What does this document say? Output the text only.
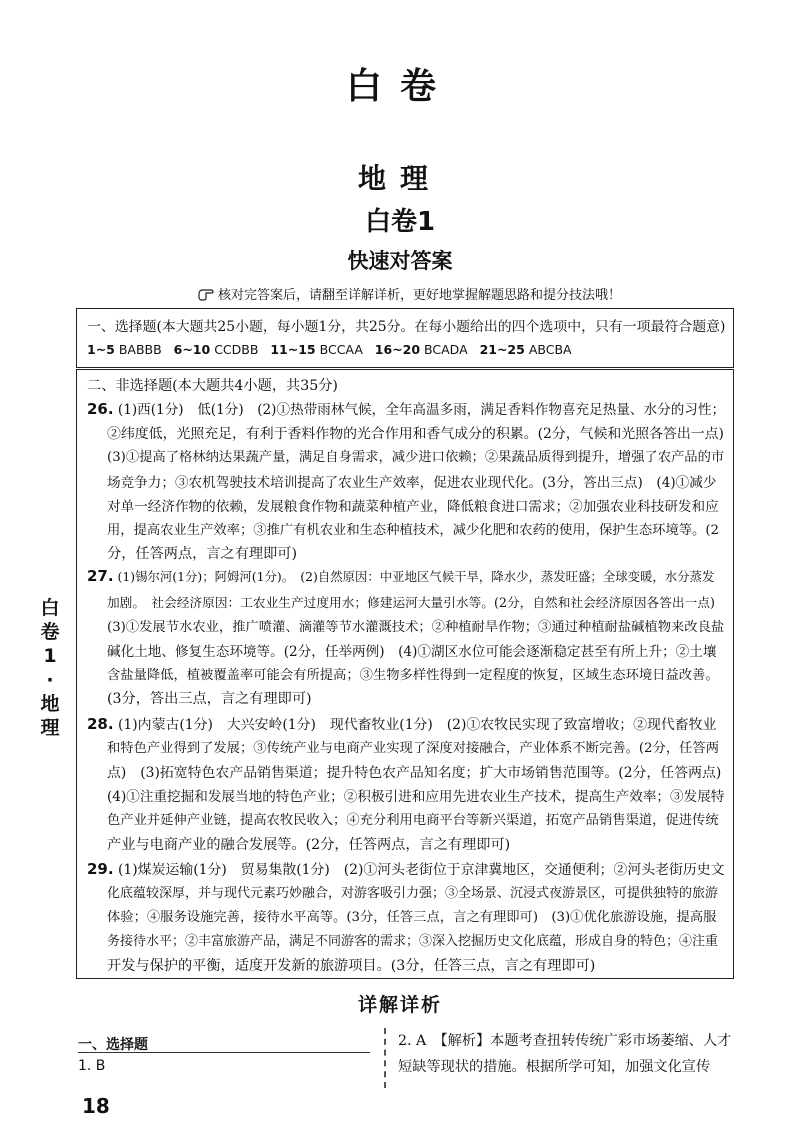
白卷
地理
白卷1
快速对答案
核对完答案后，请翻至详解详析，更好地掌握解题思路和提分技法哦！
一、选择题(本大题共25小题，每小题1分，共25分。在每小题给出的四个选项中，只有一项最符合题意)
1~5 BABBB 6~10 CCDBB 11~15 BCCAA 16~20 BCADA 21~25 ABCBA
二、非选择题(本大题共4小题，共35分)
26. (1)西(1分)　低(1分)　(2)①热带雨林气候，全年高温多雨，满足香料作物喜充足热量、水分的习性；
②纬度低，光照充足，有利于香料作物的光合作用和香气成分的积累。(2分，气候和光照各答出一点)
(3)①提高了格林纳达果蔬产量，满足自身需求，减少进口依赖；②果蔬品质得到提升，增强了农产品的市
场竞争力；③农机驾驶技术培训提高了农业生产效率，促进农业现代化。(3分，答出三点)　(4)①减少
对单一经济作物的依赖，发展粮食作物和蔬菜种植产业，降低粮食进口需求；②加强农业科技研发和应
用，提高农业生产效率；③推广有机农业和生态种植技术，减少化肥和农药的使用，保护生态环境等。(2
分，任答两点，言之有理即可)
27. (1)锡尔河(1分)；阿姆河(1分)。　(2)自然原因：中亚地区气候干旱，降水少，蒸发旺盛；全球变暖，水分蒸发
加剧。　社会经济原因：工农业生产过度用水；修建运河大量引水等。(2分，自然和社会经济原因各答出一点)
(3)①发展节水农业，推广喷灌、滴灌等节水灌溉技术；②种植耐旱作物；③通过种植耐盐碱植物来改良盐
碱化土地、修复生态环境等。(2分，任举两例)　(4)①湖区水位可能会逐渐稳定甚至有所上升；②土壤
含盐量降低，植被覆盖率可能会有所提高；③生物多样性得到一定程度的恢复，区域生态环境日益改善。
(3分，答出三点，言之有理即可)
28. (1)内蒙古(1分)　大兴安岭(1分)　现代畜牧业(1分)　(2)①农牧民实现了致富增收；②现代畜牧业
和特色产业得到了发展；③传统产业与电商产业实现了深度对接融合，产业体系不断完善。(2分，任答两
点)　(3)拓宽特色农产品销售渠道；提升特色农产品知名度；扩大市场销售范围等。(2分，任答两点)
(4)①注重挖掘和发展当地的特色产业；②积极引进和应用先进农业生产技术，提高生产效率；③发展特
色产业并延伸产业链，提高农牧民收入；④充分利用电商平台等新兴渠道，拓宽产品销售渠道，促进传统
产业与电商产业的融合发展等。(2分，任答两点，言之有理即可)
29. (1)煤炭运输(1分)　贸易集散(1分)　(2)①河头老街位于京津冀地区，交通便利；②河头老街历史文
化底蕴较深厚，并与现代元素巧妙融合，对游客吸引力强；③全场景、沉浸式夜游景区，可提供独特的旅游
体验；④服务设施完善，接待水平高等。(3分，任答三点，言之有理即可)　(3)①优化旅游设施，提高服
务接待水平；②丰富旅游产品，满足不同游客的需求；③深入挖掘历史文化底蕴，形成自身的特色；④注重
开发与保护的平衡，适度开发新的旅游项目。(3分，任答三点，言之有理即可)
白
卷
1
·
地
理
详解详析
一、选择题
1. B
2. A　【解析】本题考查扭转传统广彩市场萎缩、人才
短缺等现状的措施。根据所学可知，加强文化宣传
18
